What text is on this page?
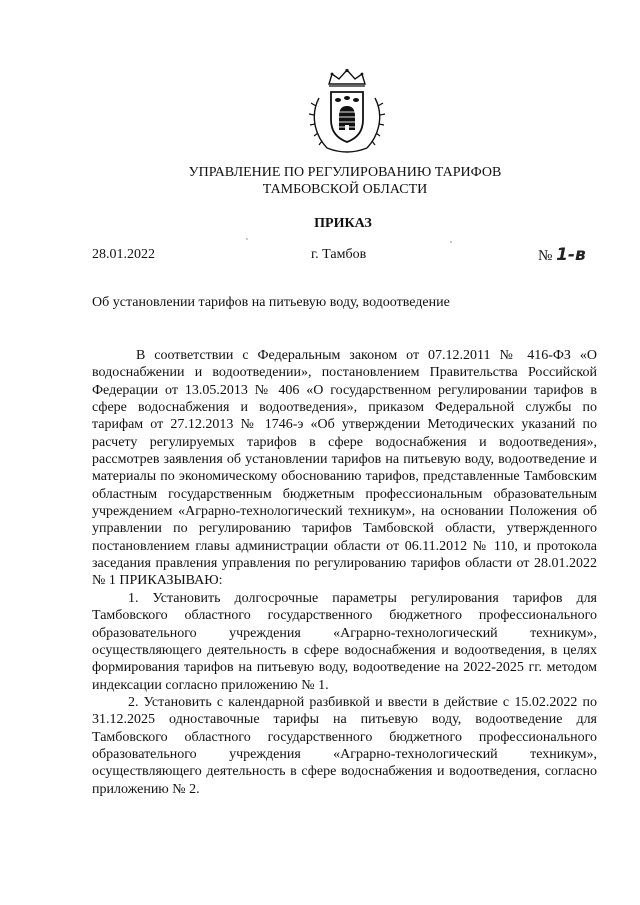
УПРАВЛЕНИЕ ПО РЕГУЛИРОВАНИЮ ТАРИФОВ
ТАМБОВСКОЙ ОБЛАСТИ
ПРИКАЗ
28.01.2022	г. Тамбов	№ 1-в
Об установлении тарифов на питьевую воду, водоотведение

В соответствии с Федеральным законом от 07.12.2011 № 416-ФЗ «О водоснабжении и водоотведении», постановлением Правительства Российской Федерации от 13.05.2013 № 406 «О государственном регулировании тарифов в сфере водоснабжения и водоотведения», приказом Федеральной службы по тарифам от 27.12.2013 № 1746-э «Об утверждении Методических указаний по расчету регулируемых тарифов в сфере водоснабжения и водоотведения», рассмотрев заявления об установлении тарифов на питьевую воду, водоотведение и материалы по экономическому обоснованию тарифов, представленные Тамбовским областным государственным бюджетным профессиональным образовательным учреждением «Аграрно-технологический техникум», на основании Положения об управлении по регулированию тарифов Тамбовской области, утвержденного постановлением главы администрации области от 06.11.2012 № 110, и протокола заседания правления управления по регулированию тарифов области от 28.01.2022 № 1 ПРИКАЗЫВАЮ:

1. Установить долгосрочные параметры регулирования тарифов для Тамбовского областного государственного бюджетного профессионального образовательного учреждения «Аграрно-технологический техникум», осуществляющего деятельность в сфере водоснабжения и водоотведения, в целях формирования тарифов на питьевую воду, водоотведение на 2022-2025 гг. методом индексации согласно приложению № 1.

2. Установить с календарной разбивкой и ввести в действие с 15.02.2022 по 31.12.2025 одноставочные тарифы на питьевую воду, водоотведение для Тамбовского областного государственного бюджетного профессионального образовательного учреждения «Аграрно-технологический техникум», осуществляющего деятельность в сфере водоснабжения и водоотведения, согласно приложению № 2.
